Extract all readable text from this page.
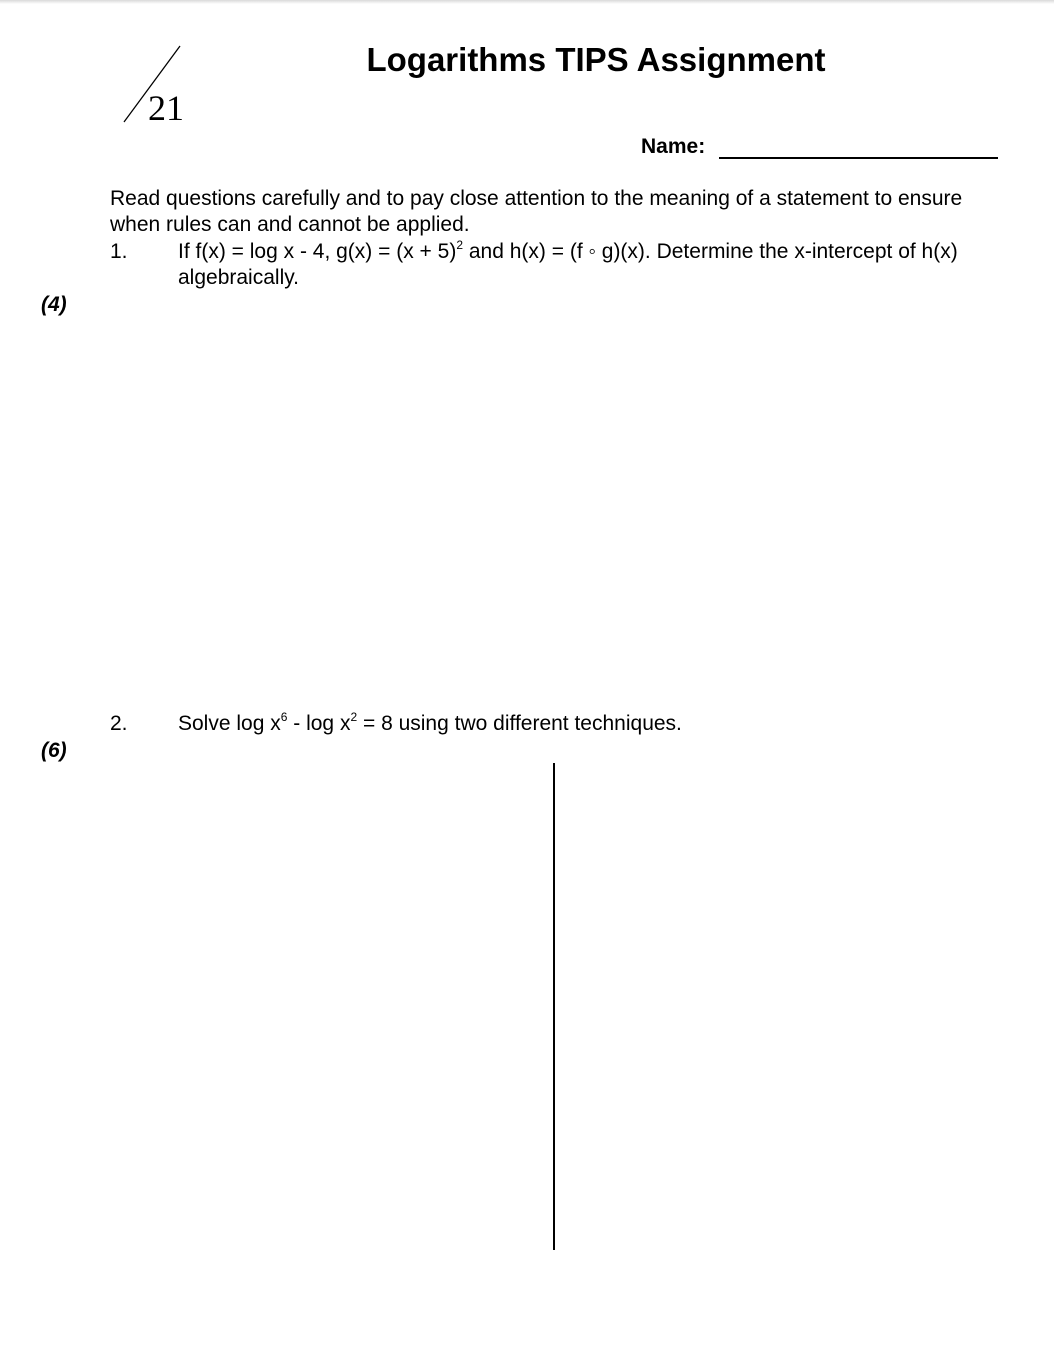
21
Logarithms TIPS Assignment
Name:
Read questions carefully and to pay close attention to the meaning of a statement to ensure when rules can and cannot be applied.
1. If f(x) = log x - 4, $g(x) = (x + 5)^2$ and h(x) = (f ◦ g)(x). Determine the x-intercept of h(x) algebraically.
(4)
2. Solve $\log x^6 - \log x^2 = 8$ using two different techniques.
(6)
